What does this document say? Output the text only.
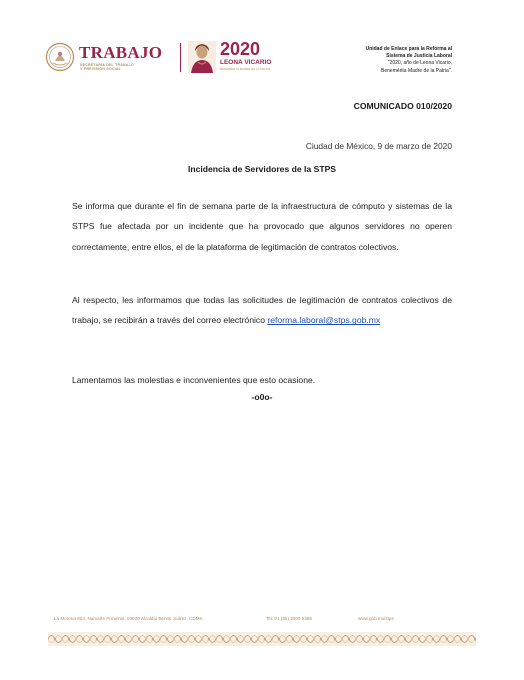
TRABAJO
SECRETARÍA DEL TRABAJO
Y PREVISIÓN SOCIAL
2020
LEONA VICARIO
BENEMÉRITA MADRE DE LA PATRIA
Unidad de Enlace para la Reforma al
Sistema de Justicia Laboral
"2020, año de Leona Vicario,
Benemérita Madre de la Patria".
COMUNICADO 010/2020
Ciudad de México, 9 de marzo de 2020
Incidencia de Servidores de la STPS
Se informa que durante el fin de semana parte de la infraestructura de cómputo y sistemas de la STPS fue afectada por un incidente que ha provocado que algunos servidores no operen correctamente, entre ellos, el de la plataforma de legitimación de contratos colectivos.
Al respecto, les informamos que todas las solicitudes de legitimación de contratos colectivos de trabajo, se recibirán a través del correo electrónico reforma.laboral@stps.gob.mx
Lamentamos las molestias e inconvenientes que esto ocasione.
-o0o-
La Morena 804, Narvarte Poniente, 03020 Alcaldía Benito Juárez. CDMX	Tel: 01 (55) 2000 5385	www.gob.mx/stps
